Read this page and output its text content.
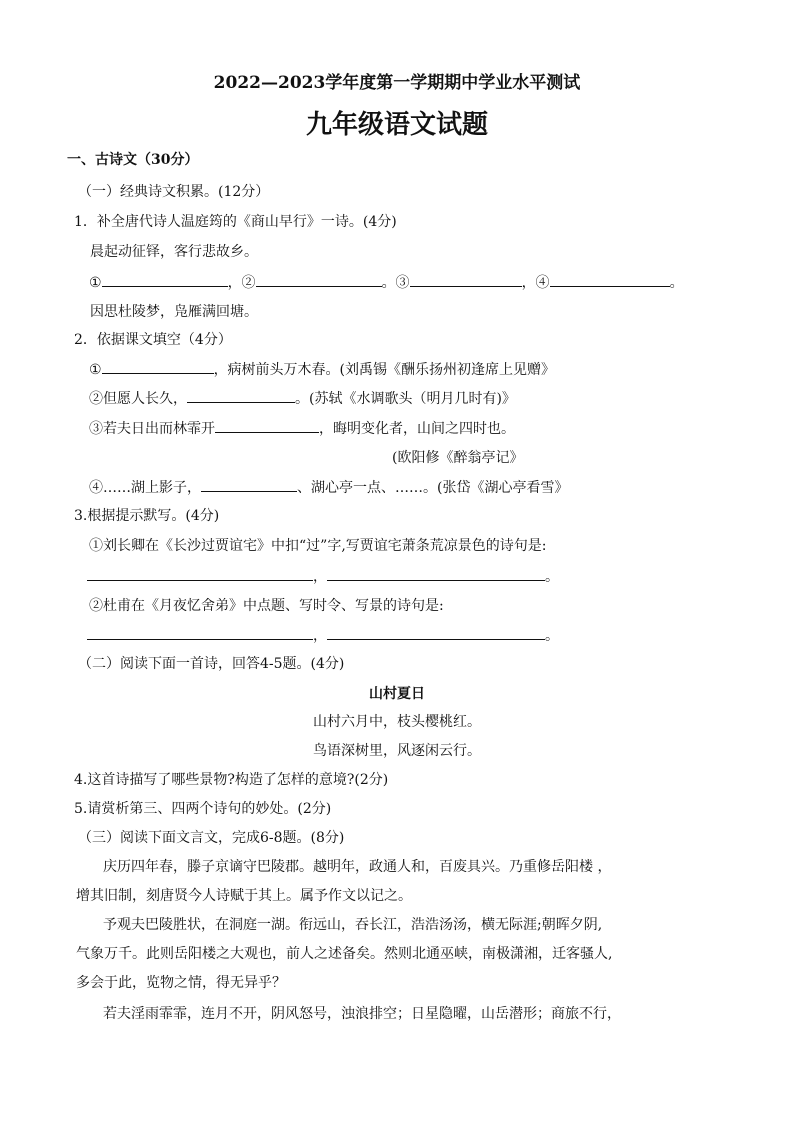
2022—2023学年度第一学期期中学业水平测试
九年级语文试题
一、古诗文（30分）
（一）经典诗文积累。(12分）
1．补全唐代诗人温庭筠的《商山早行》一诗。(4分)
晨起动征铎，客行悲故乡。
①	，②	。③	，④	。
因思杜陵梦，凫雁满回塘。
2．依据课文填空（4分）
①	，病树前头万木春。(刘禹锡《酬乐扬州初逢席上见赠》
②但愿人长久，	。(苏轼《水调歌头（明月几时有)》
③若夫日出而林霏开	，晦明变化者，山间之四时也。
(欧阳修《醉翁亭记》
④……湖上影子，	、湖心亭一点、……。(张岱《湖心亭看雪》
3.根据提示默写。(4分)
①刘长卿在《长沙过贾谊宅》中扣“过”字,写贾谊宅萧条荒凉景色的诗句是:
，	。
②杜甫在《月夜忆舍弟》中点题、写时令、写景的诗句是:
，	。
（二）阅读下面一首诗，回答4-5题。(4分)
山村夏日
山村六月中，枝头樱桃红。
鸟语深树里，风逐闲云行。
4.这首诗描写了哪些景物?构造了怎样的意境?(2分)
5.请赏析第三、四两个诗句的妙处。(2分)
（三）阅读下面文言文，完成6-8题。(8分)
庆历四年春，滕子京谪守巴陵郡。越明年，政通人和，百废具兴。乃重修岳阳楼 ，
增其旧制，刻唐贤今人诗赋于其上。属予作文以记之。
予观夫巴陵胜状，在洞庭一湖。衔远山，吞长江，浩浩汤汤，横无际涯;朝晖夕阴,
气象万千。此则岳阳楼之大观也，前人之述备矣。然则北通巫峡，南极潇湘，迁客骚人,
多会于此，览物之情，得无异乎？
若夫淫雨霏霏，连月不开，阴风怒号，浊浪排空；日星隐曜，山岳潜形；商旅不行，
